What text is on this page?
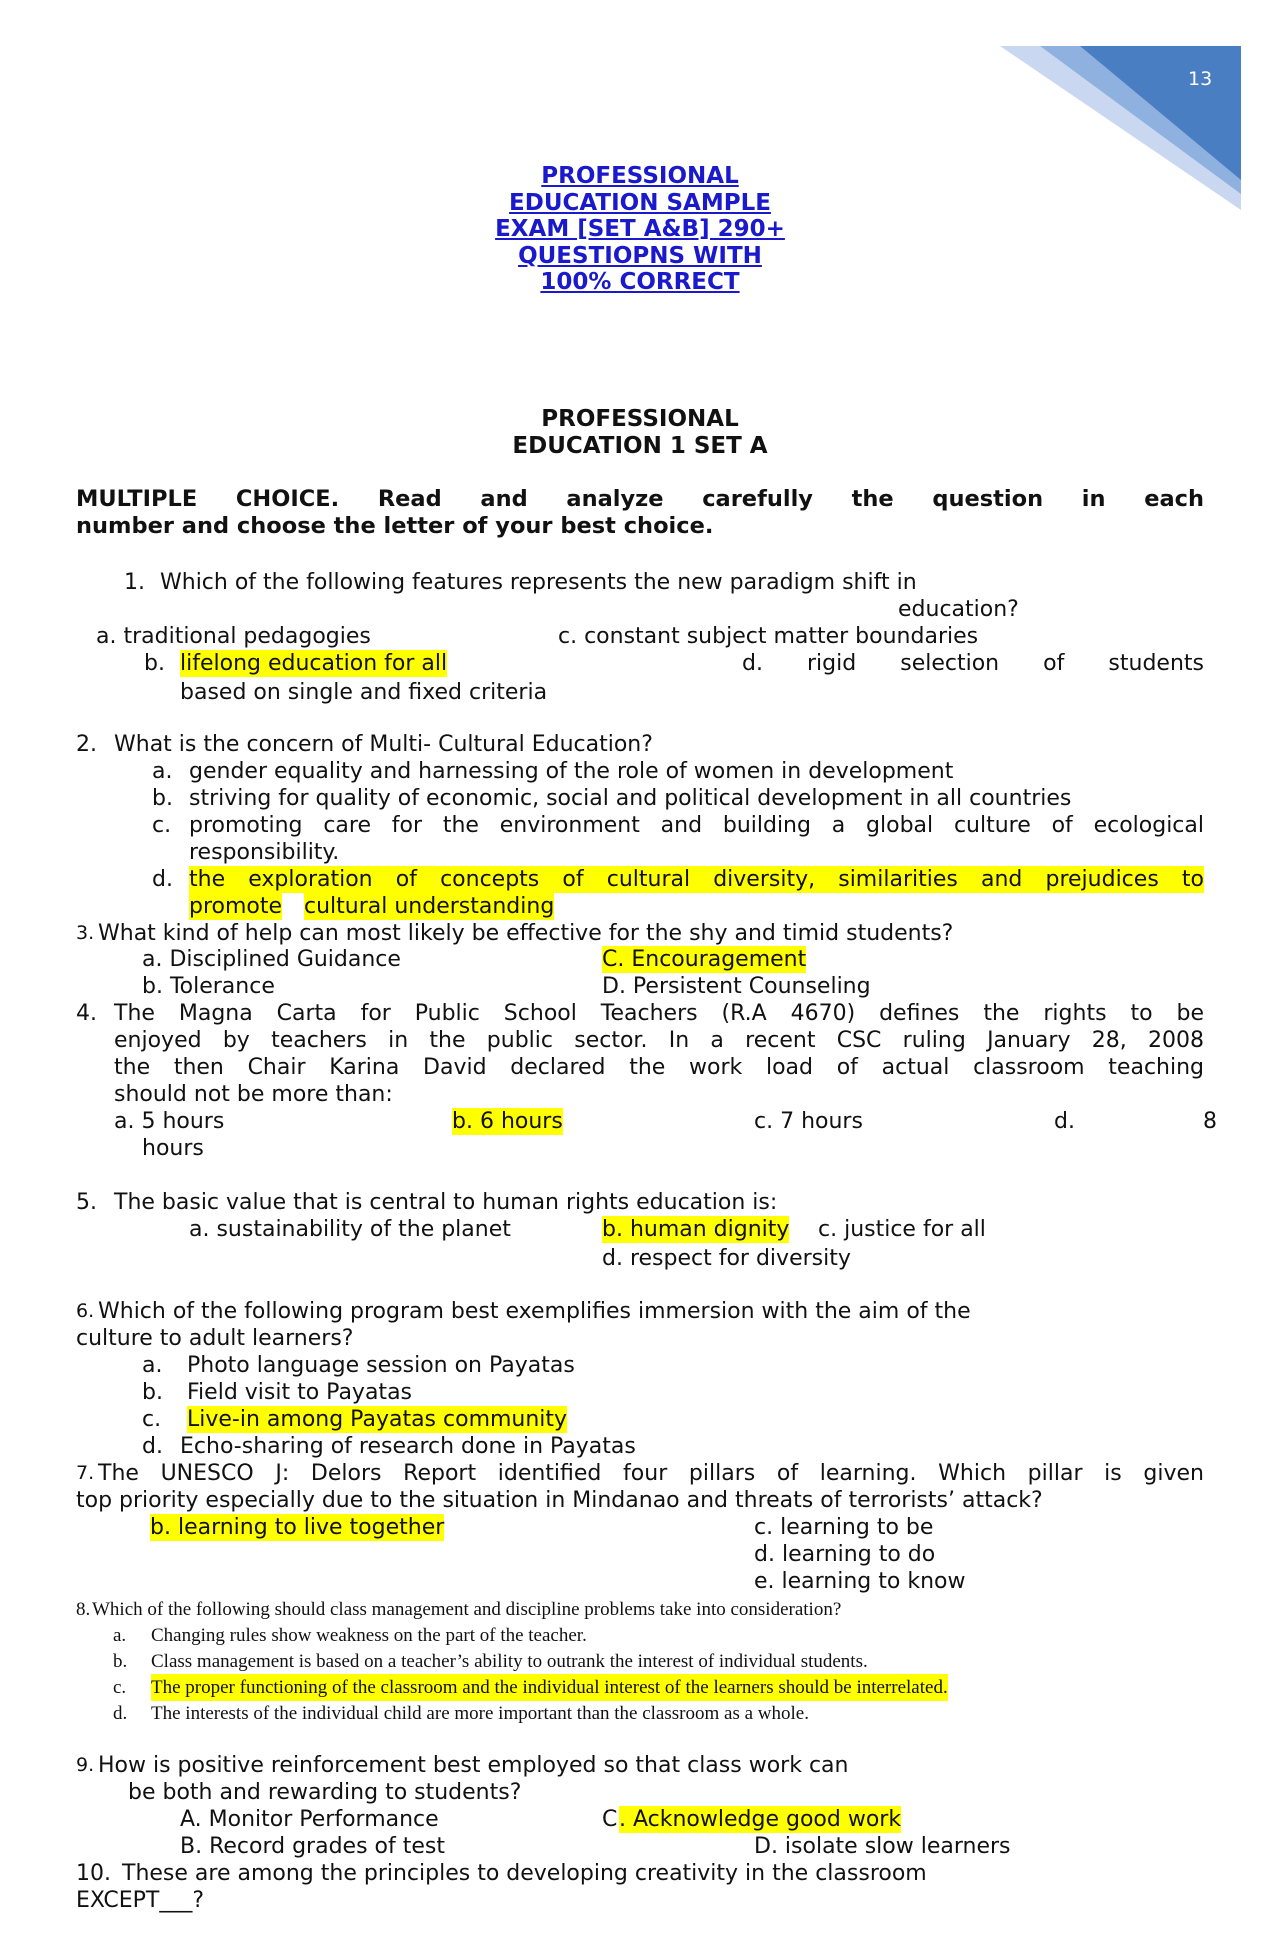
13
PROFESSIONAL
EDUCATION SAMPLE
EXAM [SET A&B] 290+
QUESTIOPNS WITH
100% CORRECT
PROFESSIONAL
EDUCATION 1 SET A
MULTIPLE CHOICE. Read and analyze carefully the question in each
number and choose the letter of your best choice.
1. Which of the following features represents the new paradigm shift in
education?
a. traditional pedagogies	c. constant subject matter boundaries
b. lifelong education for all	d. rigid selection of students
based on single and fixed criteria
2. What is the concern of Multi- Cultural Education?
a. gender equality and harnessing of the role of women in development
b. striving for quality of economic, social and political development in all countries
c. promoting care for the environment and building a global culture of ecological
responsibility.
d. the exploration of concepts of cultural diversity, similarities and prejudices to
promote cultural understanding
3. What kind of help can most likely be effective for the shy and timid students?
a. Disciplined Guidance	C. Encouragement
b. Tolerance	D. Persistent Counseling
4. The Magna Carta for Public School Teachers (R.A 4670) defines the rights to be
enjoyed by teachers in the public sector. In a recent CSC ruling January 28, 2008
the then Chair Karina David declared the work load of actual classroom teaching
should not be more than:
a. 5 hours	b. 6 hours	c. 7 hours	d.	8
hours
5. The basic value that is central to human rights education is:
a. sustainability of the planet	b. human dignity c. justice for all
d. respect for diversity
6. Which of the following program best exemplifies immersion with the aim of the
culture to adult learners?
a. Photo language session on Payatas
b. Field visit to Payatas
c. Live-in among Payatas community
d. Echo-sharing of research done in Payatas
7. The UNESCO J: Delors Report identified four pillars of learning. Which pillar is given
top priority especially due to the situation in Mindanao and threats of terrorists’ attack?
b. learning to live together	c. learning to be
d. learning to do
e. learning to know
8. Which of the following should class management and discipline problems take into consideration?
a. Changing rules show weakness on the part of the teacher.
b. Class management is based on a teacher’s ability to outrank the interest of individual students.
c. The proper functioning of the classroom and the individual interest of the learners should be interrelated.
d. The interests of the individual child are more important than the classroom as a whole.
9. How is positive reinforcement best employed so that class work can
be both and rewarding to students?
A. Monitor Performance	C . Acknowledge good work
B. Record grades of test	D. isolate slow learners
10. These are among the principles to developing creativity in the classroom
EXCEPT___?
